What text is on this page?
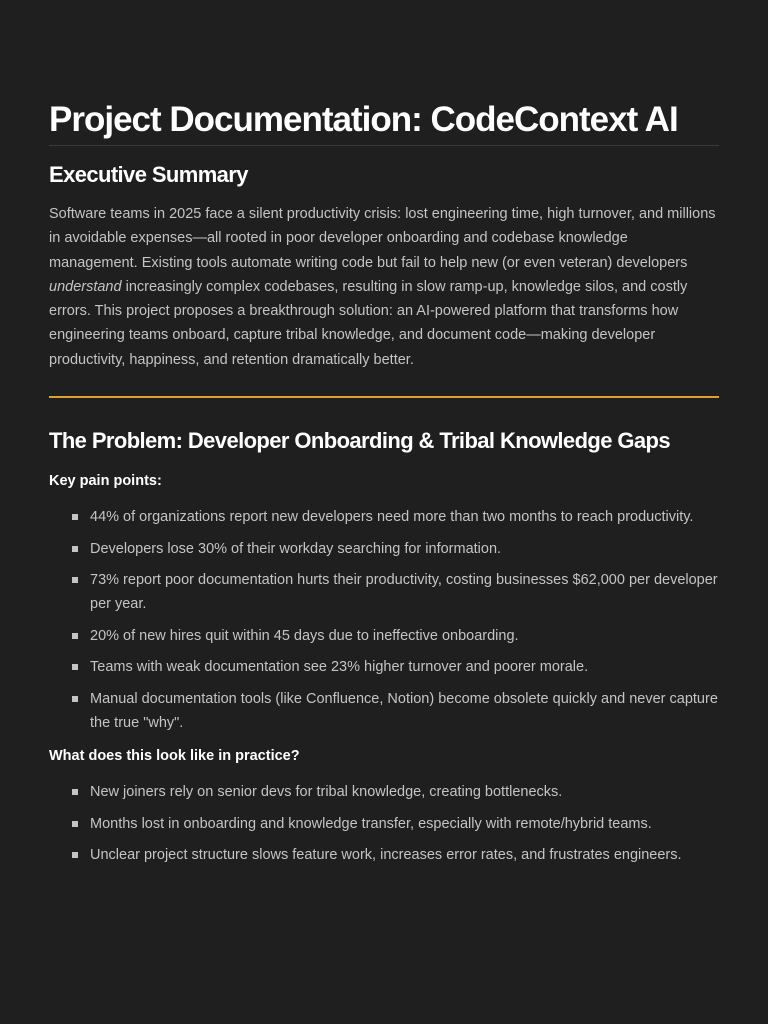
Project Documentation: CodeContext AI
Executive Summary

Software teams in 2025 face a silent productivity crisis: lost engineering time, high turnover, and millions in avoidable expenses—all rooted in poor developer onboarding and codebase knowledge management. Existing tools automate writing code but fail to help new (or even veteran) developers understand increasingly complex codebases, resulting in slow ramp-up, knowledge silos, and costly errors. This project proposes a breakthrough solution: an AI-powered platform that transforms how engineering teams onboard, capture tribal knowledge, and document code—making developer productivity, happiness, and retention dramatically better.

The Problem: Developer Onboarding & Tribal Knowledge Gaps
Key pain points:
44% of organizations report new developers need more than two months to reach productivity.
Developers lose 30% of their workday searching for information.
73% report poor documentation hurts their productivity, costing businesses $62,000 per developer per year.
20% of new hires quit within 45 days due to ineffective onboarding.
Teams with weak documentation see 23% higher turnover and poorer morale.
Manual documentation tools (like Confluence, Notion) become obsolete quickly and never capture the true "why".
What does this look like in practice?
New joiners rely on senior devs for tribal knowledge, creating bottlenecks.
Months lost in onboarding and knowledge transfer, especially with remote/hybrid teams.
Unclear project structure slows feature work, increases error rates, and frustrates engineers.
